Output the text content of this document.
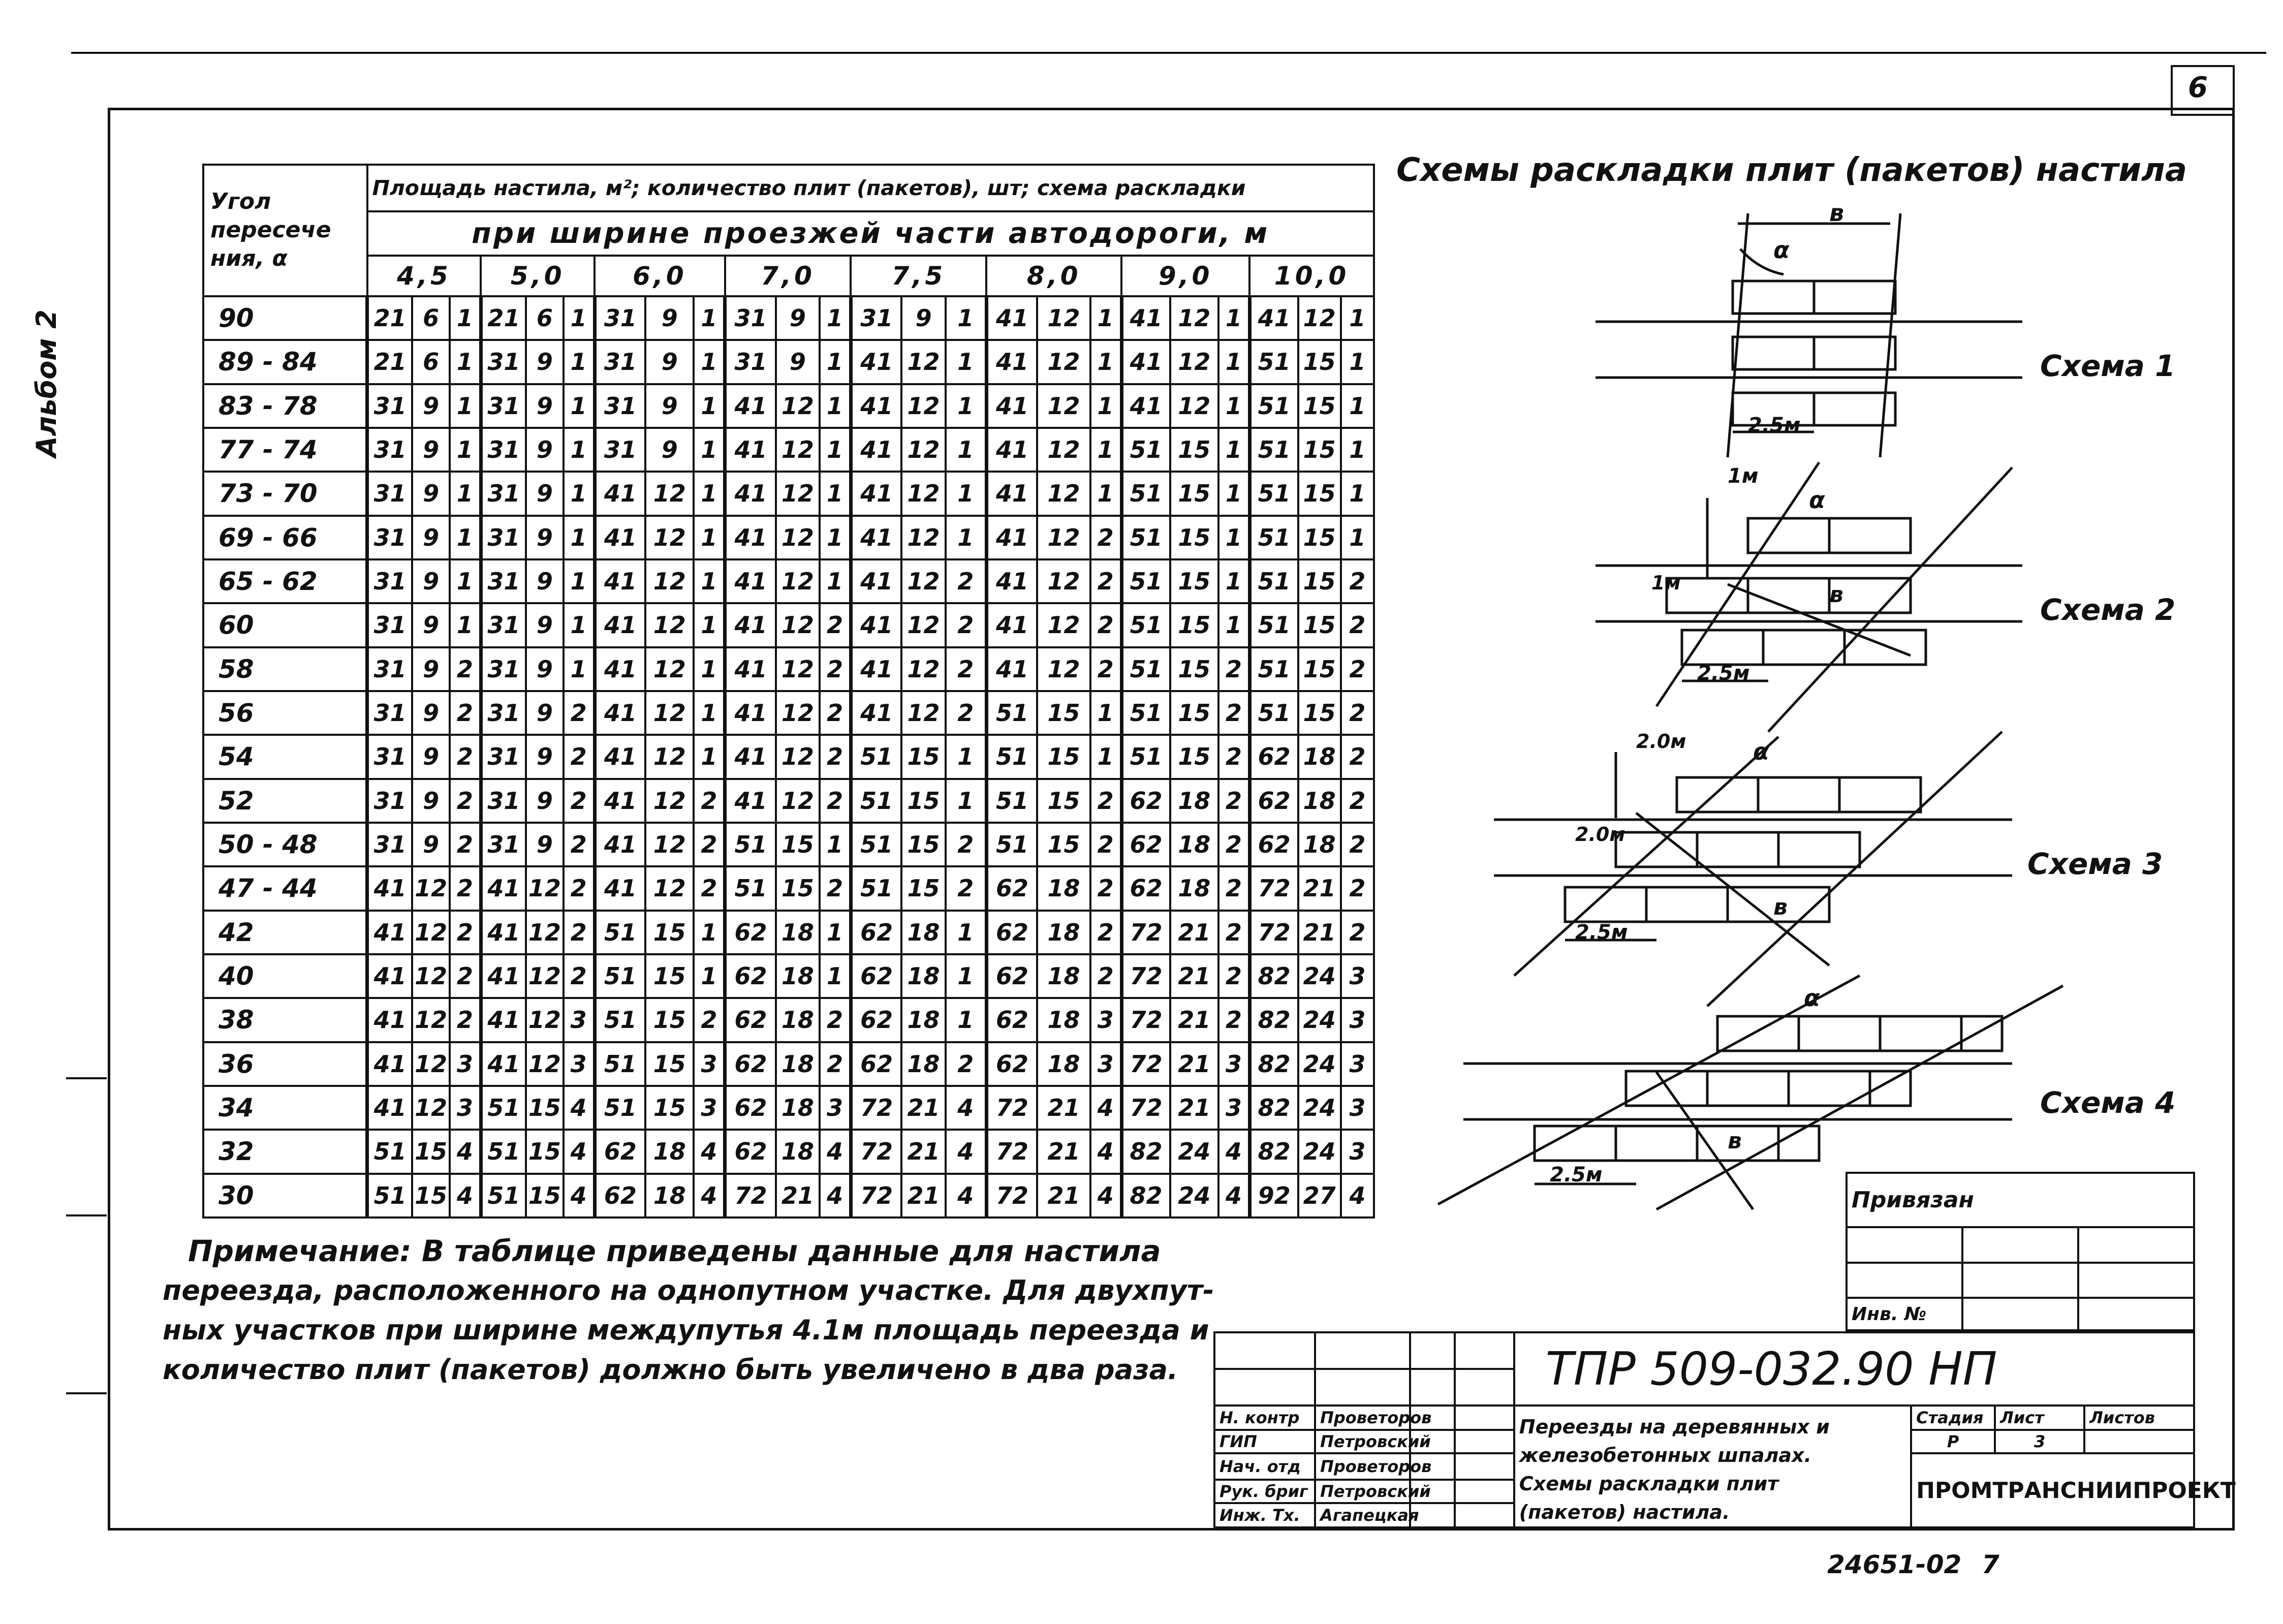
6
Альбом 2
Угол пересече ния, α	Площадь настила, м²; количество плит (пакетов), шт; схема раскладки																							
	при ширине проезжей части автодороги, м																							
	4,5			5,0			6,0			7,0			7,5			8,0			9,0			10,0		
90	21	6	1	21	6	1	31	9	1	31	9	1	31	9	1	41	12	1	41	12	1	41	12	1
89 - 84	21	6	1	31	9	1	31	9	1	31	9	1	41	12	1	41	12	1	41	12	1	51	15	1
83 - 78	31	9	1	31	9	1	31	9	1	41	12	1	41	12	1	41	12	1	41	12	1	51	15	1
77 - 74	31	9	1	31	9	1	31	9	1	41	12	1	41	12	1	41	12	1	51	15	1	51	15	1
73 - 70	31	9	1	31	9	1	41	12	1	41	12	1	41	12	1	41	12	1	51	15	1	51	15	1
69 - 66	31	9	1	31	9	1	41	12	1	41	12	1	41	12	1	41	12	2	51	15	1	51	15	1
65 - 62	31	9	1	31	9	1	41	12	1	41	12	1	41	12	2	41	12	2	51	15	1	51	15	2
60	31	9	1	31	9	1	41	12	1	41	12	2	41	12	2	41	12	2	51	15	1	51	15	2
58	31	9	2	31	9	1	41	12	1	41	12	2	41	12	2	41	12	2	51	15	2	51	15	2
56	31	9	2	31	9	2	41	12	1	41	12	2	41	12	2	51	15	1	51	15	2	51	15	2
54	31	9	2	31	9	2	41	12	1	41	12	2	51	15	1	51	15	1	51	15	2	62	18	2
52	31	9	2	31	9	2	41	12	2	41	12	2	51	15	1	51	15	2	62	18	2	62	18	2
50 - 48	31	9	2	31	9	2	41	12	2	51	15	1	51	15	2	51	15	2	62	18	2	62	18	2
47 - 44	41	12	2	41	12	2	41	12	2	51	15	2	51	15	2	62	18	2	62	18	2	72	21	2
42	41	12	2	41	12	2	51	15	1	62	18	1	62	18	1	62	18	2	72	21	2	72	21	2
40	41	12	2	41	12	2	51	15	1	62	18	1	62	18	1	62	18	2	72	21	2	82	24	3
38	41	12	2	41	12	3	51	15	2	62	18	2	62	18	1	62	18	3	72	21	2	82	24	3
36	41	12	3	41	12	3	51	15	3	62	18	2	62	18	2	62	18	3	72	21	3	82	24	3
34	41	12	3	51	15	4	51	15	3	62	18	3	72	21	4	72	21	4	72	21	3	82	24	3
32	51	15	4	51	15	4	62	18	4	62	18	4	72	21	4	72	21	4	82	24	4	82	24	3
30	51	15	4	51	15	4	62	18	4	72	21	4	72	21	4	72	21	4	82	24	4	92	27	4
Примечание: В таблице приведены данные для настила
переезда, расположенного на однопутном участке. Для двухпут-
ных участков при ширине междупутья 4.1м площадь переезда и
количество плит (пакетов) должно быть увеличено в два раза.
Схемы раскладки плит (пакетов) настила
в
α
2.5м
Схема 1
1м
α
1м	в
2.5м
Схема 2
2.0м	α
2.0м
в
2.5м
Схема 3
α
в
2.5м
Схема 4
Привязан		

Инв. №		
				ТПР 509-032.90 НП			

Н. контр	Проветоров			Переезды на деревянных и
железобетонных шпалах.
Схемы раскладки плит
(пакетов) настила.	Стадия	Лист	Листов
ГИП	Петровский				Р	3	
Нач. отд	Проветоров				ПРОМТРАНСНИИПРОЕКТ		
Рук. бриг	Петровский						
Инж. Тх.	Агапецкая						
24651-02 7
